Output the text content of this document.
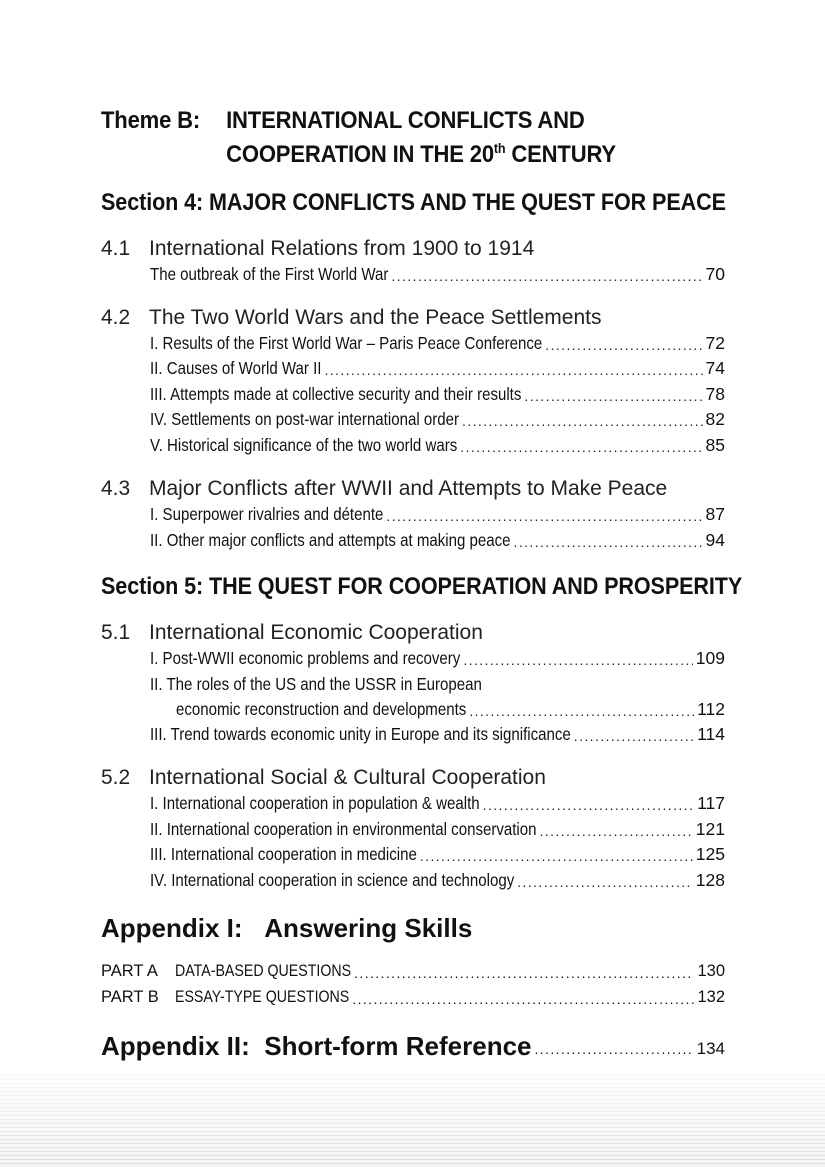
Theme B: INTERNATIONAL CONFLICTS AND
COOPERATION IN THE 20th CENTURY
Section 4: MAJOR CONFLICTS AND THE QUEST FOR PEACE
4.1 International Relations from 1900 to 1914
The outbreak of the First World War .....	70
4.2 The Two World Wars and the Peace Settlements
I. Results of the First World War – Paris Peace Conference .....	72
II. Causes of World War II .....	74
III. Attempts made at collective security and their results .....	78
IV. Settlements on post-war international order .....	82
V. Historical significance of the two world wars .....	85
4.3 Major Conflicts after WWII and Attempts to Make Peace
I. Superpower rivalries and détente .....	87
II. Other major conflicts and attempts at making peace .....	94
Section 5: THE QUEST FOR COOPERATION AND PROSPERITY
5.1 International Economic Cooperation
I. Post-WWII economic problems and recovery .....	109
II. The roles of the US and the USSR in European
economic reconstruction and developments .....	112
III. Trend towards economic unity in Europe and its significance .....	114
5.2 International Social & Cultural Cooperation
I. International cooperation in population & wealth .....	117
II. International cooperation in environmental conservation .....	121
III. International cooperation in medicine .....	125
IV. International cooperation in science and technology .....	128
Appendix I: Answering Skills
PART A	DATA-BASED QUESTIONS .....	130
PART B ESSAY-TYPE QUESTIONS .....	132
Appendix II: Short-form Reference .....	134
